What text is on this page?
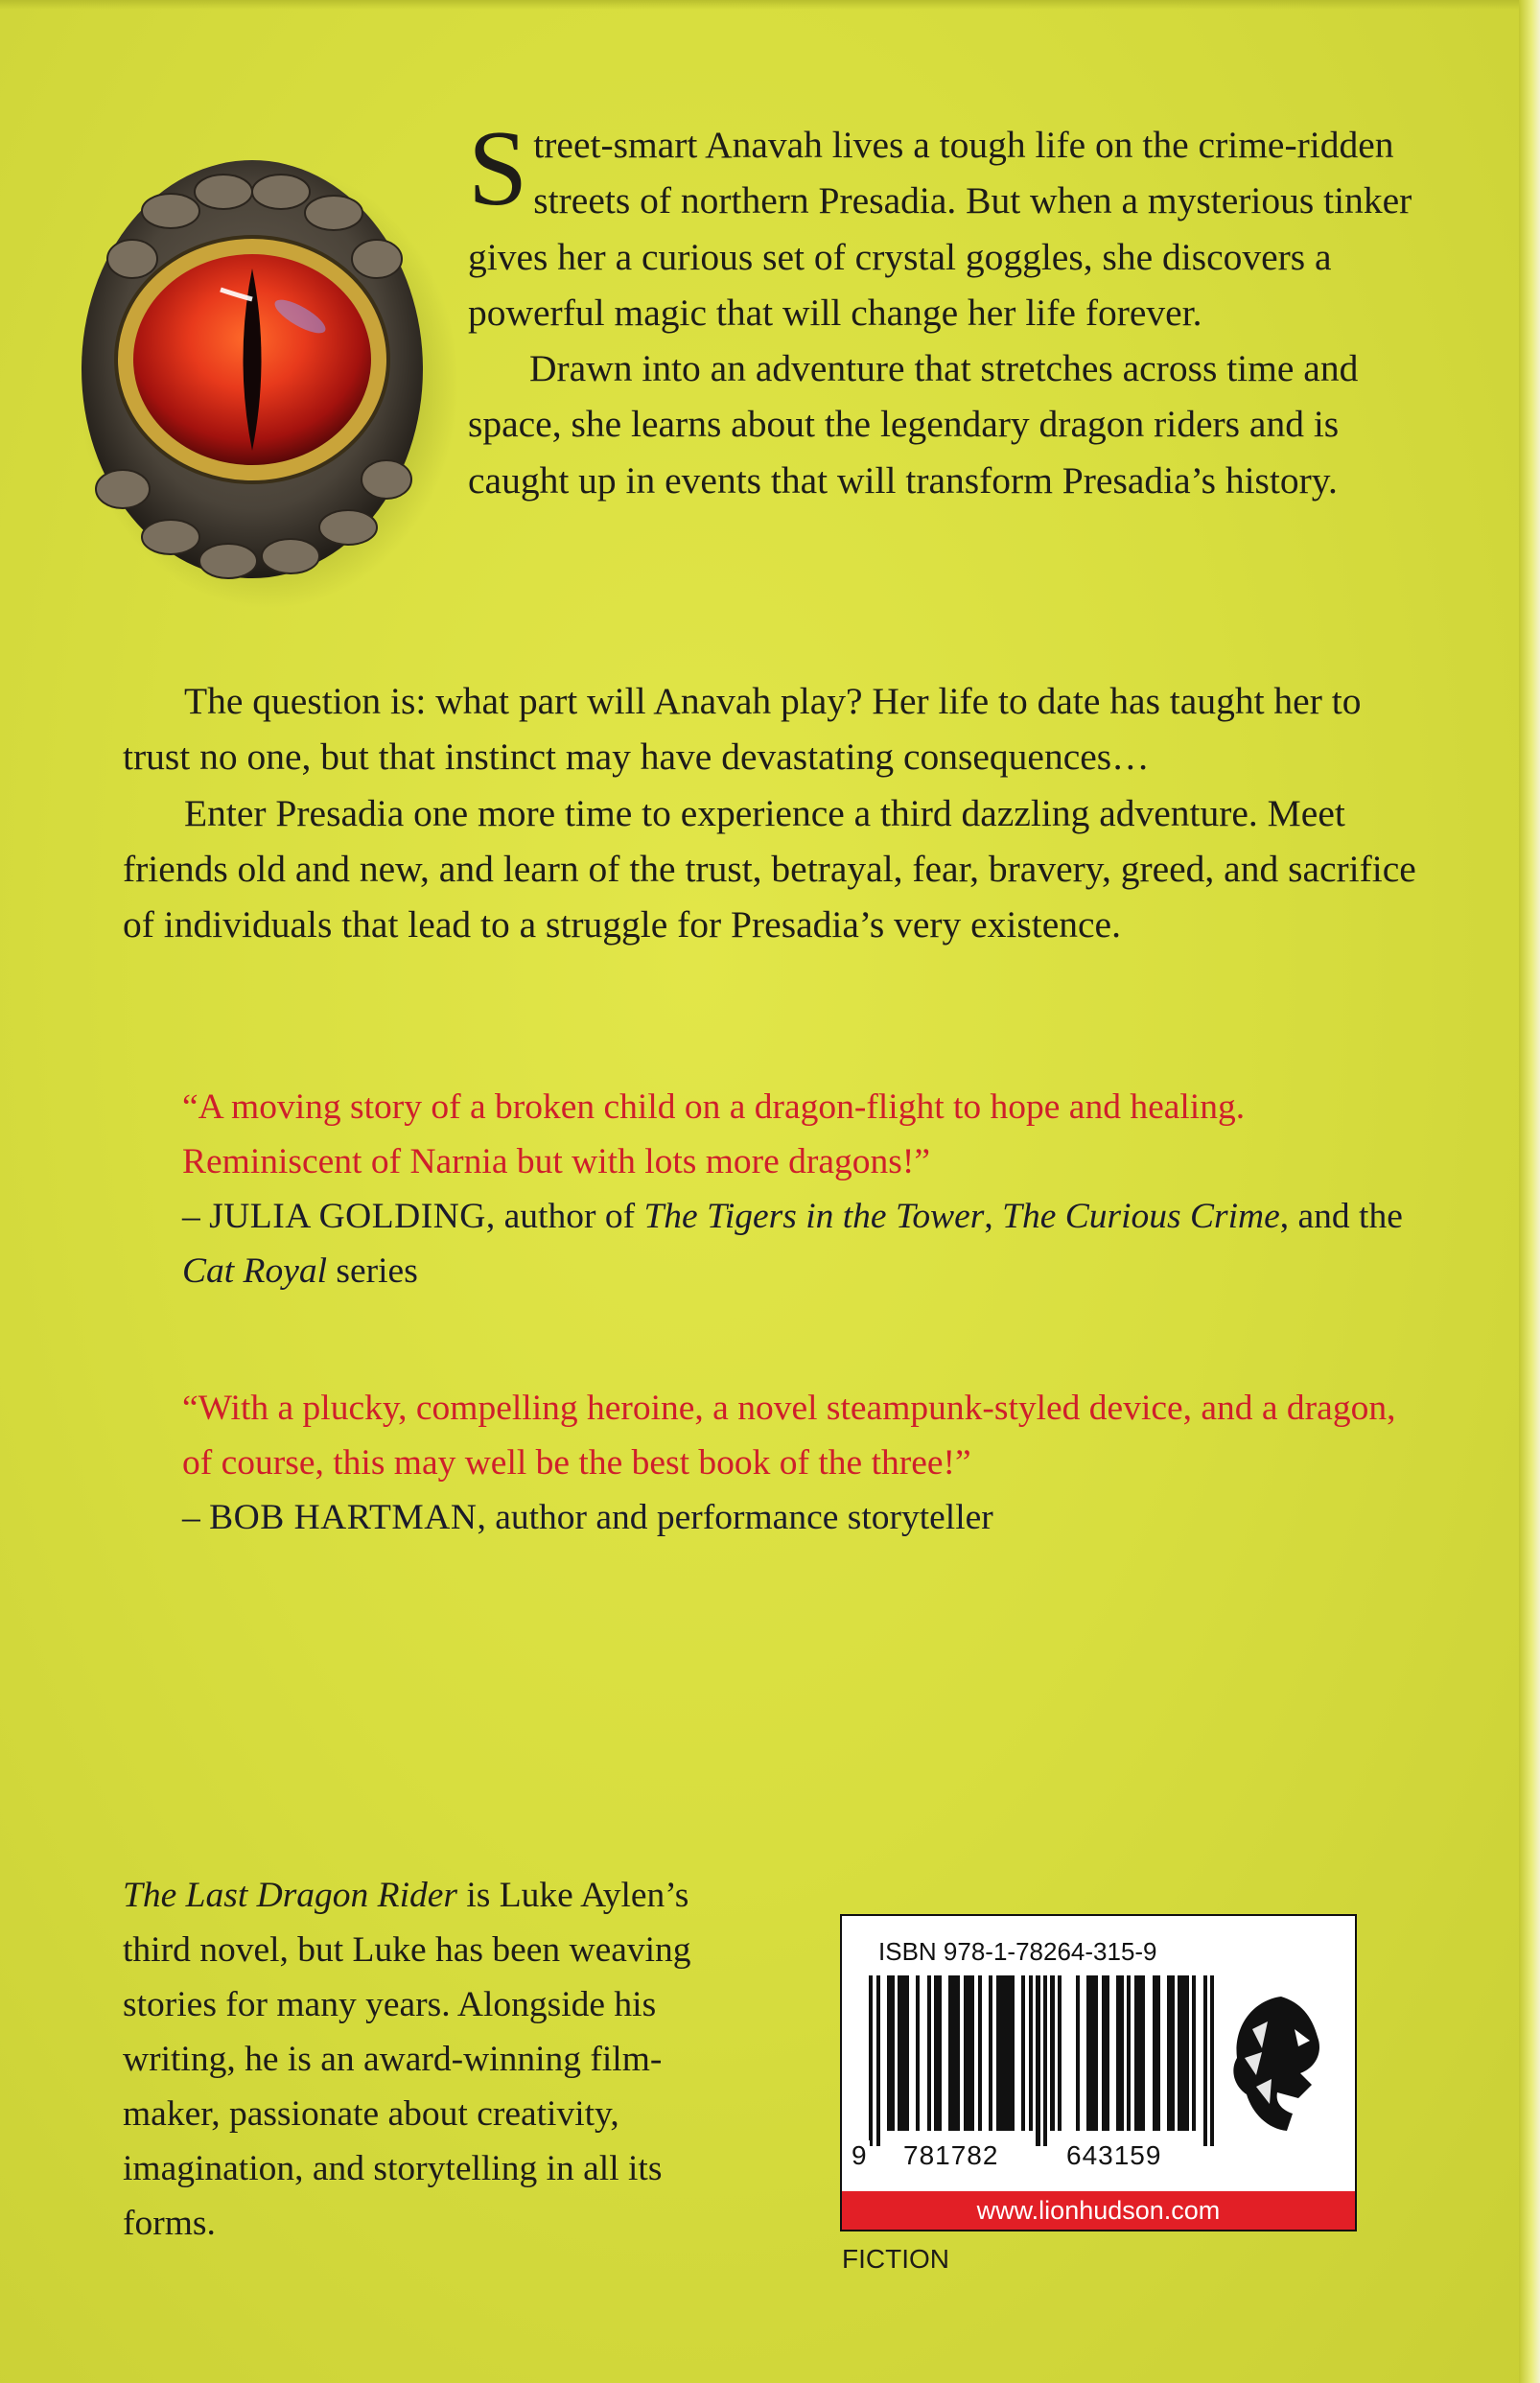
Street-smart Anavah lives a tough life on the crime-ridden streets of northern Presadia. But when a mysterious tinker gives her a curious set of crystal goggles, she discovers a powerful magic that will change her life forever.

Drawn into an adventure that stretches across time and space, she learns about the legendary dragon riders and is caught up in events that will transform Presadia’s history.

The question is: what part will Anavah play? Her life to date has taught her to trust no one, but that instinct may have devastating consequences…

Enter Presadia one more time to experience a third dazzling adventure. Meet friends old and new, and learn of the trust, betrayal, fear, bravery, greed, and sacrifice of individuals that lead to a struggle for Presadia’s very existence.

“A moving story of a broken child on a dragon-flight to hope and healing. Reminiscent of Narnia but with lots more dragons!”
– JULIA GOLDING, author of The Tigers in the Tower, The Curious Crime, and the Cat Royal series
“With a plucky, compelling heroine, a novel steampunk-styled device, and a dragon, of course, this may well be the best book of the three!”
– BOB HARTMAN, author and performance storyteller
The Last Dragon Rider is Luke Aylen’s third novel, but Luke has been weaving stories for many years. Alongside his writing, he is an award-winning film-maker, passionate about creativity, imagination, and storytelling in all its forms.
ISBN 978-1-78264-315-9
9 781782	643159
www.lionhudson.com
FICTION
